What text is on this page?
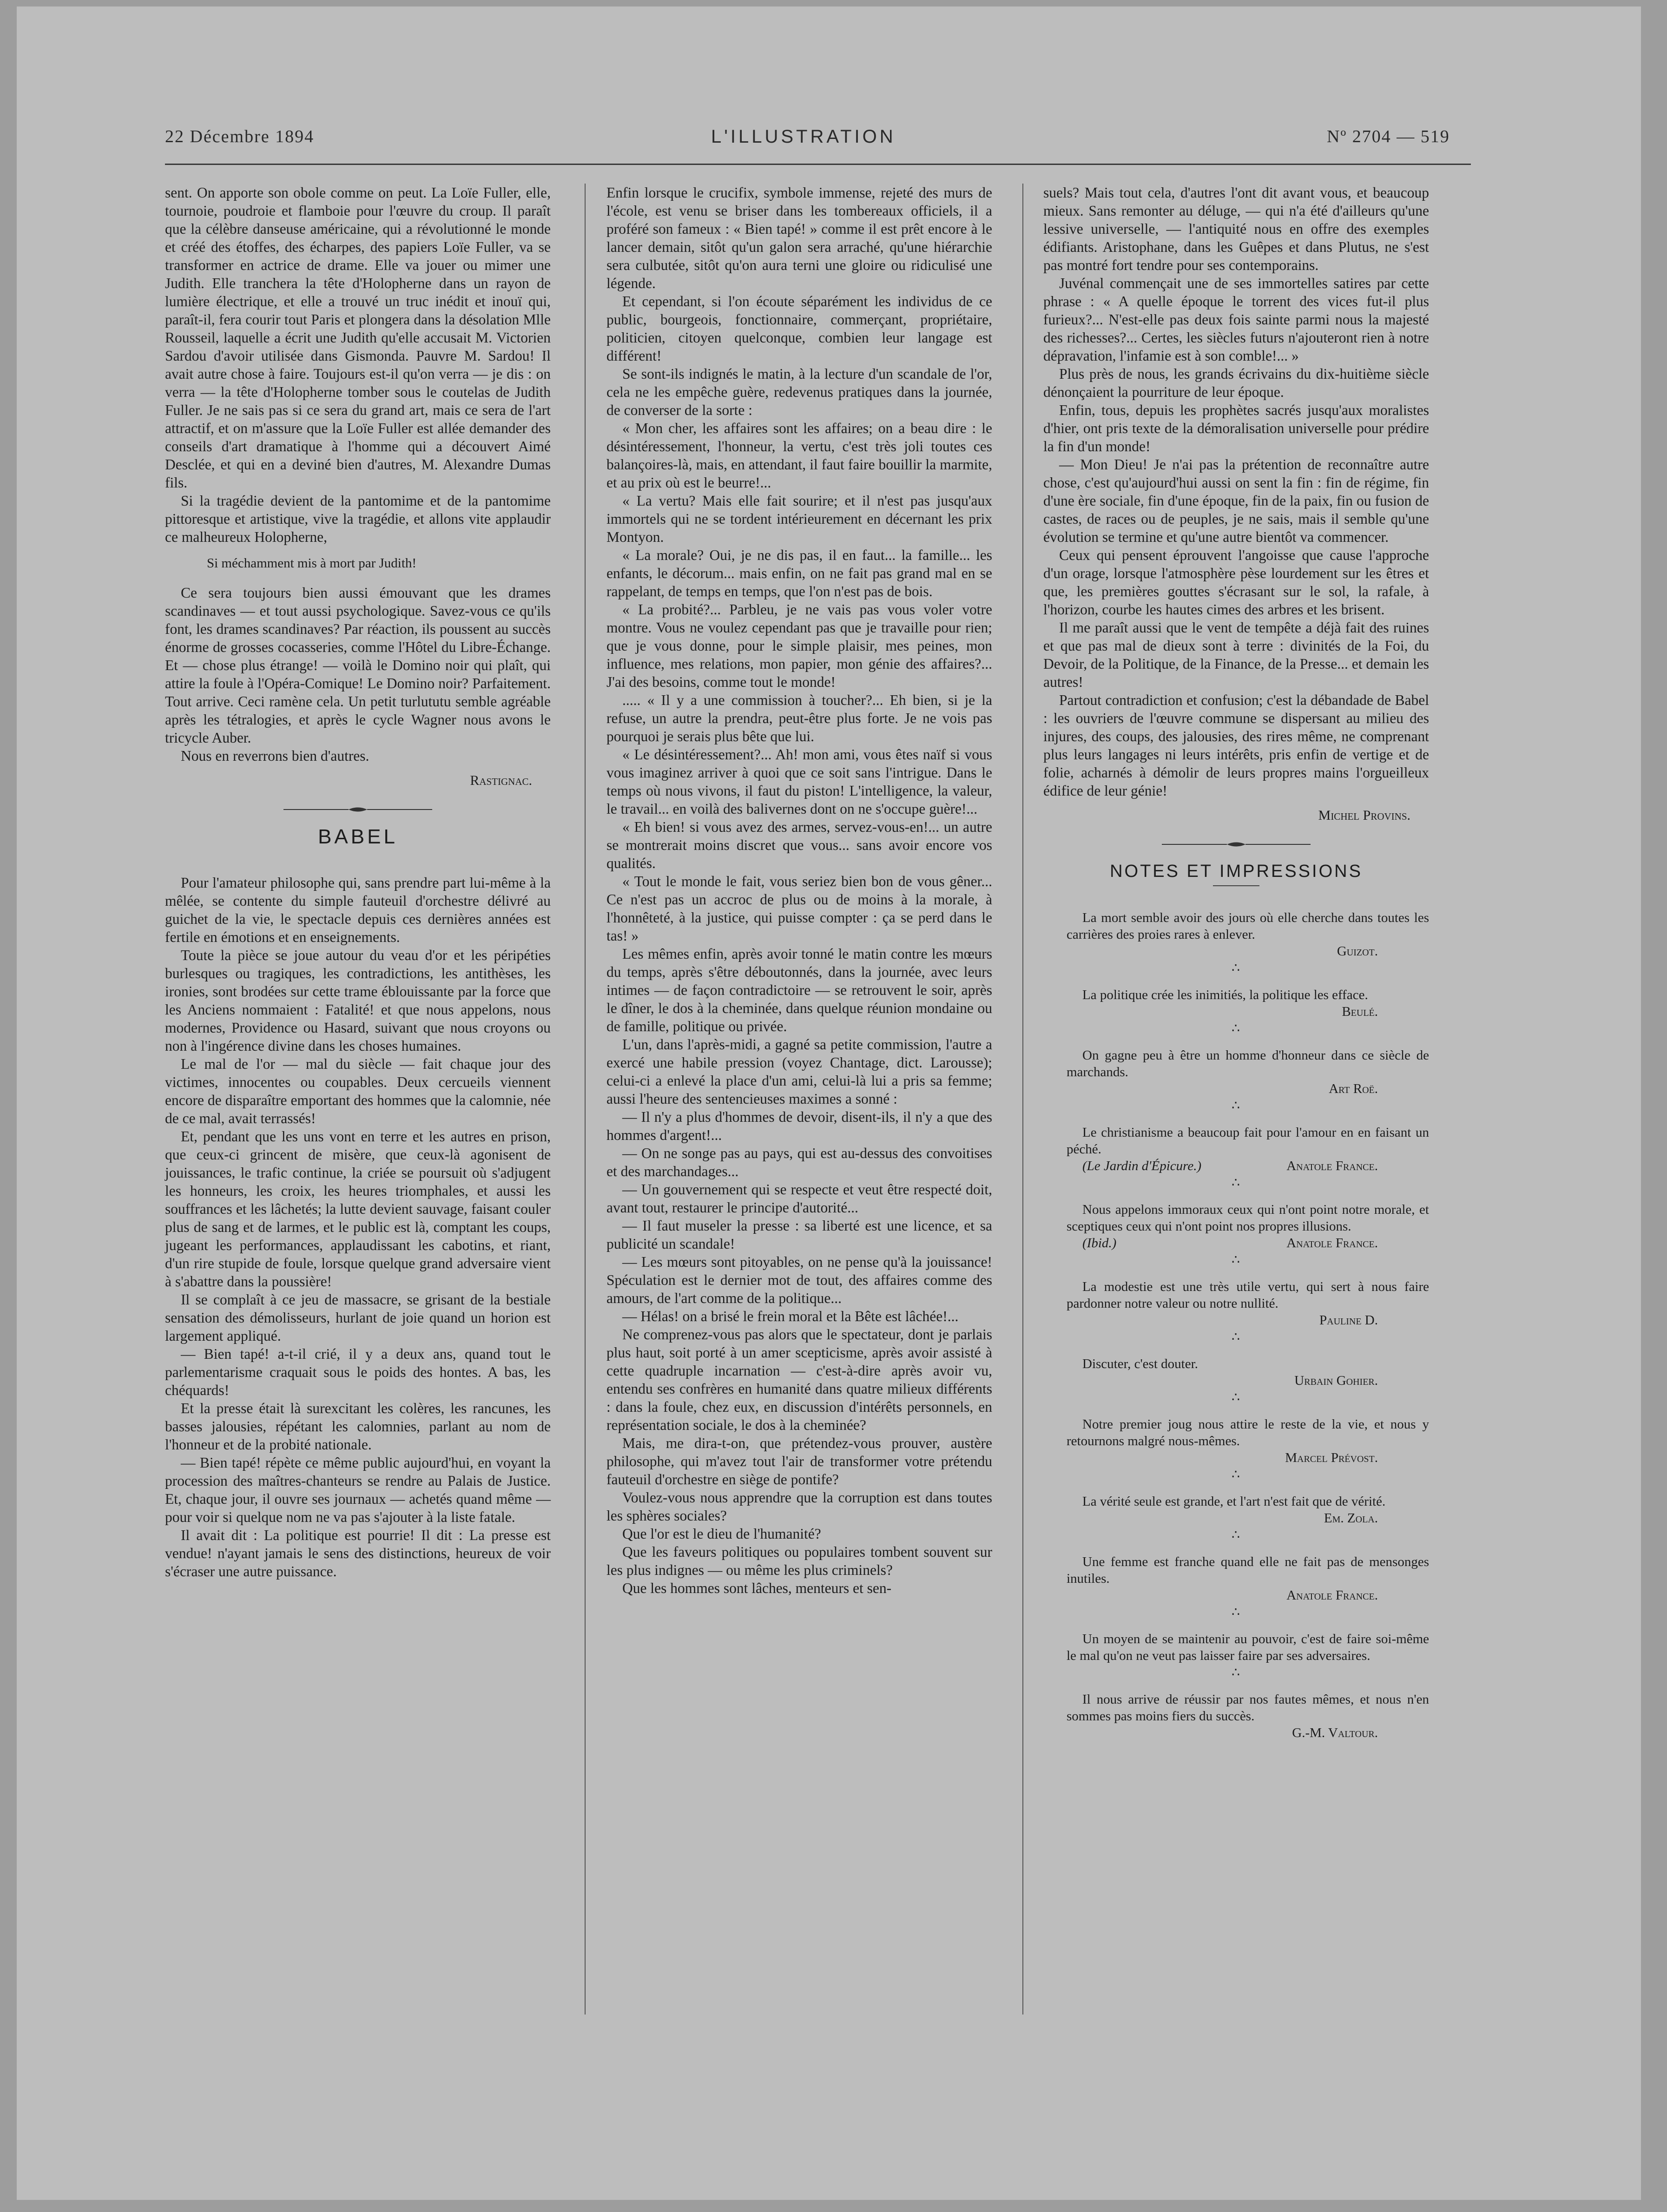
22 Décembre 1894	L'ILLUSTRATION	Nº 2704 — 519

sent. On apporte son obole comme on peut. La Loïe Fuller, elle, tournoie, poudroie et flamboie pour l'œuvre du croup. Il paraît que la célèbre danseuse américaine, qui a révolutionné le monde et créé des étoffes, des écharpes, des papiers Loïe Fuller, va se transformer en actrice de drame. Elle va jouer ou mimer une Judith. Elle tranchera la tête d'Holopherne dans un rayon de lumière électrique, et elle a trouvé un truc inédit et inouï qui, paraît-il, fera courir tout Paris et plongera dans la désolation Mlle Rousseil, laquelle a écrit une Judith qu'elle accusait M. Victorien Sardou d'avoir utilisée dans Gismonda. Pauvre M. Sardou! Il avait autre chose à faire. Toujours est-il qu'on verra — je dis : on verra — la tête d'Holopherne tomber sous le coutelas de Judith Fuller. Je ne sais pas si ce sera du grand art, mais ce sera de l'art attractif, et on m'assure que la Loïe Fuller est allée demander des conseils d'art dramatique à l'homme qui a découvert Aimé Desclée, et qui en a deviné bien d'autres, M. Alexandre Dumas fils.

Si la tragédie devient de la pantomime et de la pantomime pittoresque et artistique, vive la tragédie, et allons vite applaudir ce malheureux Holopherne,

Si méchamment mis à mort par Judith!

Ce sera toujours bien aussi émouvant que les drames scandinaves — et tout aussi psychologique. Savez-vous ce qu'ils font, les drames scandinaves? Par réaction, ils poussent au succès énorme de grosses cocasseries, comme l'Hôtel du Libre-Échange. Et — chose plus étrange! — voilà le Domino noir qui plaît, qui attire la foule à l'Opéra-Comique! Le Domino noir? Parfaitement. Tout arrive. Ceci ramène cela. Un petit turlututu semble agréable après les tétralogies, et après le cycle Wagner nous avons le tricycle Auber.

Nous en reverrons bien d'autres.

Rastignac.

BABEL

Pour l'amateur philosophe qui, sans prendre part lui-même à la mêlée, se contente du simple fauteuil d'orchestre délivré au guichet de la vie, le spectacle depuis ces dernières années est fertile en émotions et en enseignements.

Toute la pièce se joue autour du veau d'or et les péripéties burlesques ou tragiques, les contradictions, les antithèses, les ironies, sont brodées sur cette trame éblouissante par la force que les Anciens nommaient : Fatalité! et que nous appelons, nous modernes, Providence ou Hasard, suivant que nous croyons ou non à l'ingérence divine dans les choses humaines.

Le mal de l'or — mal du siècle — fait chaque jour des victimes, innocentes ou coupables. Deux cercueils viennent encore de disparaître emportant des hommes que la calomnie, née de ce mal, avait terrassés!

Et, pendant que les uns vont en terre et les autres en prison, que ceux-ci grincent de misère, que ceux-là agonisent de jouissances, le trafic continue, la criée se poursuit où s'adjugent les honneurs, les croix, les heures triomphales, et aussi les souffrances et les lâchetés; la lutte devient sauvage, faisant couler plus de sang et de larmes, et le public est là, comptant les coups, jugeant les performances, applaudissant les cabotins, et riant, d'un rire stupide de foule, lorsque quelque grand adversaire vient à s'abattre dans la poussière!

Il se complaît à ce jeu de massacre, se grisant de la bestiale sensation des démolisseurs, hurlant de joie quand un horion est largement appliqué.

— Bien tapé! a-t-il crié, il y a deux ans, quand tout le parlementarisme craquait sous le poids des hontes. A bas, les chéquards!

Et la presse était là surexcitant les colères, les rancunes, les basses jalousies, répétant les calomnies, parlant au nom de l'honneur et de la probité nationale.

— Bien tapé! répète ce même public aujourd'hui, en voyant la procession des maîtres-chanteurs se rendre au Palais de Justice. Et, chaque jour, il ouvre ses journaux — achetés quand même — pour voir si quelque nom ne va pas s'ajouter à la liste fatale.

Il avait dit : La politique est pourrie! Il dit : La presse est vendue! n'ayant jamais le sens des distinctions, heureux de voir s'écraser une autre puissance.

Enfin lorsque le crucifix, symbole immense, rejeté des murs de l'école, est venu se briser dans les tombereaux officiels, il a proféré son fameux : « Bien tapé! » comme il est prêt encore à le lancer demain, sitôt qu'un galon sera arraché, qu'une hiérarchie sera culbutée, sitôt qu'on aura terni une gloire ou ridiculisé une légende.

Et cependant, si l'on écoute séparément les individus de ce public, bourgeois, fonctionnaire, commerçant, propriétaire, politicien, citoyen quelconque, combien leur langage est différent!

Se sont-ils indignés le matin, à la lecture d'un scandale de l'or, cela ne les empêche guère, redevenus pratiques dans la journée, de converser de la sorte :

« Mon cher, les affaires sont les affaires; on a beau dire : le désintéressement, l'honneur, la vertu, c'est très joli toutes ces balançoires-là, mais, en attendant, il faut faire bouillir la marmite, et au prix où est le beurre!...

« La vertu? Mais elle fait sourire; et il n'est pas jusqu'aux immortels qui ne se tordent intérieurement en décernant les prix Montyon.

« La morale? Oui, je ne dis pas, il en faut... la famille... les enfants, le décorum... mais enfin, on ne fait pas grand mal en se rappelant, de temps en temps, que l'on n'est pas de bois.

« La probité?... Parbleu, je ne vais pas vous voler votre montre. Vous ne voulez cependant pas que je travaille pour rien; que je vous donne, pour le simple plaisir, mes peines, mon influence, mes relations, mon papier, mon génie des affaires?... J'ai des besoins, comme tout le monde!

..... « Il y a une commission à toucher?... Eh bien, si je la refuse, un autre la prendra, peut-être plus forte. Je ne vois pas pourquoi je serais plus bête que lui.

« Le désintéressement?... Ah! mon ami, vous êtes naïf si vous vous imaginez arriver à quoi que ce soit sans l'intrigue. Dans le temps où nous vivons, il faut du piston! L'intelligence, la valeur, le travail... en voilà des balivernes dont on ne s'occupe guère!...

« Eh bien! si vous avez des armes, servez-vous-en!... un autre se montrerait moins discret que vous... sans avoir encore vos qualités.

« Tout le monde le fait, vous seriez bien bon de vous gêner... Ce n'est pas un accroc de plus ou de moins à la morale, à l'honnêteté, à la justice, qui puisse compter : ça se perd dans le tas! »

Les mêmes enfin, après avoir tonné le matin contre les mœurs du temps, après s'être déboutonnés, dans la journée, avec leurs intimes — de façon contradictoire — se retrouvent le soir, après le dîner, le dos à la cheminée, dans quelque réunion mondaine ou de famille, politique ou privée.

L'un, dans l'après-midi, a gagné sa petite commission, l'autre a exercé une habile pression (voyez Chantage, dict. Larousse); celui-ci a enlevé la place d'un ami, celui-là lui a pris sa femme; aussi l'heure des sentencieuses maximes a sonné :

— Il n'y a plus d'hommes de devoir, disent-ils, il n'y a que des hommes d'argent!...

— On ne songe pas au pays, qui est au-dessus des convoitises et des marchandages...

— Un gouvernement qui se respecte et veut être respecté doit, avant tout, restaurer le principe d'autorité...

— Il faut museler la presse : sa liberté est une licence, et sa publicité un scandale!

— Les mœurs sont pitoyables, on ne pense qu'à la jouissance! Spéculation est le dernier mot de tout, des affaires comme des amours, de l'art comme de la politique...

— Hélas! on a brisé le frein moral et la Bête est lâchée!...

Ne comprenez-vous pas alors que le spectateur, dont je parlais plus haut, soit porté à un amer scepticisme, après avoir assisté à cette quadruple incarnation — c'est-à-dire après avoir vu, entendu ses confrères en humanité dans quatre milieux différents : dans la foule, chez eux, en discussion d'intérêts personnels, en représentation sociale, le dos à la cheminée?

Mais, me dira-t-on, que prétendez-vous prouver, austère philosophe, qui m'avez tout l'air de transformer votre prétendu fauteuil d'orchestre en siège de pontife?

Voulez-vous nous apprendre que la corruption est dans toutes les sphères sociales?

Que l'or est le dieu de l'humanité?

Que les faveurs politiques ou populaires tombent souvent sur les plus indignes — ou même les plus criminels?

Que les hommes sont lâches, menteurs et sen-

suels? Mais tout cela, d'autres l'ont dit avant vous, et beaucoup mieux. Sans remonter au déluge, — qui n'a été d'ailleurs qu'une lessive universelle, — l'antiquité nous en offre des exemples édifiants. Aristophane, dans les Guêpes et dans Plutus, ne s'est pas montré fort tendre pour ses contemporains.

Juvénal commençait une de ses immortelles satires par cette phrase : « A quelle époque le torrent des vices fut-il plus furieux?... N'est-elle pas deux fois sainte parmi nous la majesté des richesses?... Certes, les siècles futurs n'ajouteront rien à notre dépravation, l'infamie est à son comble!... »

Plus près de nous, les grands écrivains du dix-huitième siècle dénonçaient la pourriture de leur époque.

Enfin, tous, depuis les prophètes sacrés jusqu'aux moralistes d'hier, ont pris texte de la démoralisation universelle pour prédire la fin d'un monde!

— Mon Dieu! Je n'ai pas la prétention de reconnaître autre chose, c'est qu'aujourd'hui aussi on sent la fin : fin de régime, fin d'une ère sociale, fin d'une époque, fin de la paix, fin ou fusion de castes, de races ou de peuples, je ne sais, mais il semble qu'une évolution se termine et qu'une autre bientôt va commencer.

Ceux qui pensent éprouvent l'angoisse que cause l'approche d'un orage, lorsque l'atmosphère pèse lourdement sur les êtres et que, les premières gouttes s'écrasant sur le sol, la rafale, à l'horizon, courbe les hautes cimes des arbres et les brisent.

Il me paraît aussi que le vent de tempête a déjà fait des ruines et que pas mal de dieux sont à terre : divinités de la Foi, du Devoir, de la Politique, de la Finance, de la Presse... et demain les autres!

Partout contradiction et confusion; c'est la débandade de Babel : les ouvriers de l'œuvre commune se dispersant au milieu des injures, des coups, des jalousies, des rires même, ne comprenant plus leurs langages ni leurs intérêts, pris enfin de vertige et de folie, acharnés à démolir de leurs propres mains l'orgueilleux édifice de leur génie!

Michel Provins.

NOTES ET IMPRESSIONS

La mort semble avoir des jours où elle cherche dans toutes les carrières des proies rares à enlever.
Guizot.

∴

La politique crée les inimitiés, la politique les efface.
Beulé.

∴

On gagne peu à être un homme d'honneur dans ce siècle de marchands.
Art Roë.

∴

Le christianisme a beaucoup fait pour l'amour en en faisant un péché.
(Le Jardin d'Épicure.)	Anatole France.

∴

Nous appelons immoraux ceux qui n'ont point notre morale, et sceptiques ceux qui n'ont point nos propres illusions.
(Ibid.)	Anatole France.

∴

La modestie est une très utile vertu, qui sert à nous faire pardonner notre valeur ou notre nullité.
Pauline D.

∴

Discuter, c'est douter.
Urbain Gohier.

∴

Notre premier joug nous attire le reste de la vie, et nous y retournons malgré nous-mêmes.
Marcel Prévost.

∴

La vérité seule est grande, et l'art n'est fait que de vérité.
Em. Zola.

∴

Une femme est franche quand elle ne fait pas de mensonges inutiles.
Anatole France.

∴

Un moyen de se maintenir au pouvoir, c'est de faire soi-même le mal qu'on ne veut pas laisser faire par ses adversaires.

∴

Il nous arrive de réussir par nos fautes mêmes, et nous n'en sommes pas moins fiers du succès.
G.-M. Valtour.
